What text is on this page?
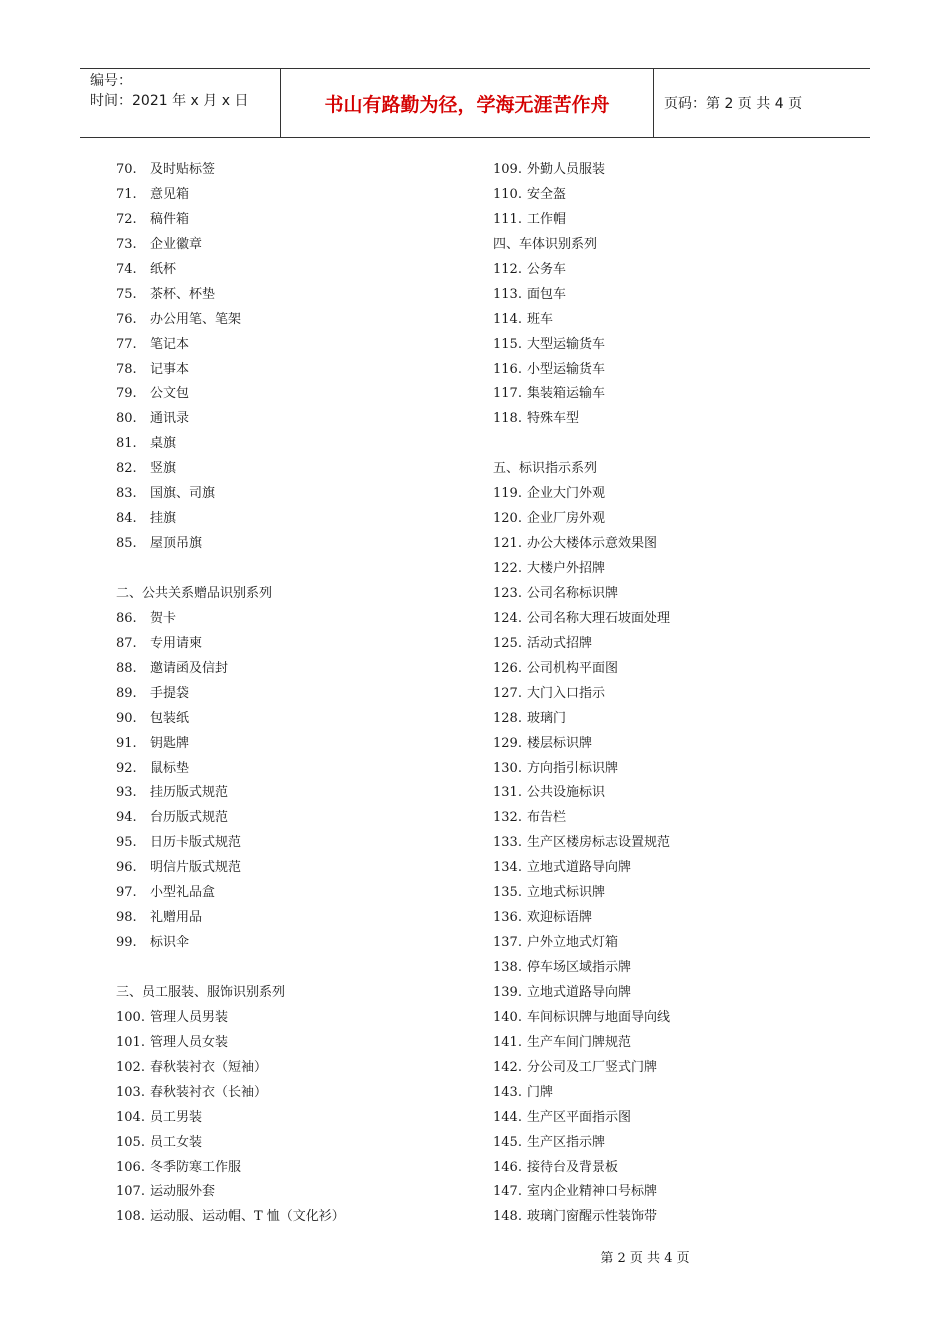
编号：
时间：2021 年 x 月 x 日	书山有路勤为径，学海无涯苦作舟	页码：第 2 页 共 4 页
70. 及时贴标签
71. 意见箱
72. 稿件箱
73. 企业徽章
74. 纸杯
75. 茶杯、杯垫
76. 办公用笔、笔架
77. 笔记本
78. 记事本
79. 公文包
80. 通讯录
81. 桌旗
82. 竖旗
83. 国旗、司旗
84. 挂旗
85. 屋顶吊旗
二、公共关系赠品识别系列
86. 贺卡
87. 专用请柬
88. 邀请函及信封
89. 手提袋
90. 包装纸
91. 钥匙牌
92. 鼠标垫
93. 挂历版式规范
94. 台历版式规范
95. 日历卡版式规范
96. 明信片版式规范
97. 小型礼品盒
98. 礼赠用品
99. 标识伞
三、员工服装、服饰识别系列
100. 管理人员男装
101. 管理人员女装
102. 春秋装衬衣（短袖）
103. 春秋装衬衣（长袖）
104. 员工男装
105. 员工女装
106. 冬季防寒工作服
107. 运动服外套
108. 运动服、运动帽、T 恤（文化衫）
109. 外勤人员服装
110. 安全盔
111. 工作帽
四、车体识别系列
112. 公务车
113. 面包车
114. 班车
115. 大型运输货车
116. 小型运输货车
117. 集装箱运输车
118. 特殊车型
五、标识指示系列
119. 企业大门外观
120. 企业厂房外观
121. 办公大楼体示意效果图
122. 大楼户外招牌
123. 公司名称标识牌
124. 公司名称大理石坡面处理
125. 活动式招牌
126. 公司机构平面图
127. 大门入口指示
128. 玻璃门
129. 楼层标识牌
130. 方向指引标识牌
131. 公共设施标识
132. 布告栏
133. 生产区楼房标志设置规范
134. 立地式道路导向牌
135. 立地式标识牌
136. 欢迎标语牌
137. 户外立地式灯箱
138. 停车场区域指示牌
139. 立地式道路导向牌
140. 车间标识牌与地面导向线
141. 生产车间门牌规范
142. 分公司及工厂竖式门牌
143. 门牌
144. 生产区平面指示图
145. 生产区指示牌
146. 接待台及背景板
147. 室内企业精神口号标牌
148. 玻璃门窗醒示性装饰带
第 2 页 共 4 页
